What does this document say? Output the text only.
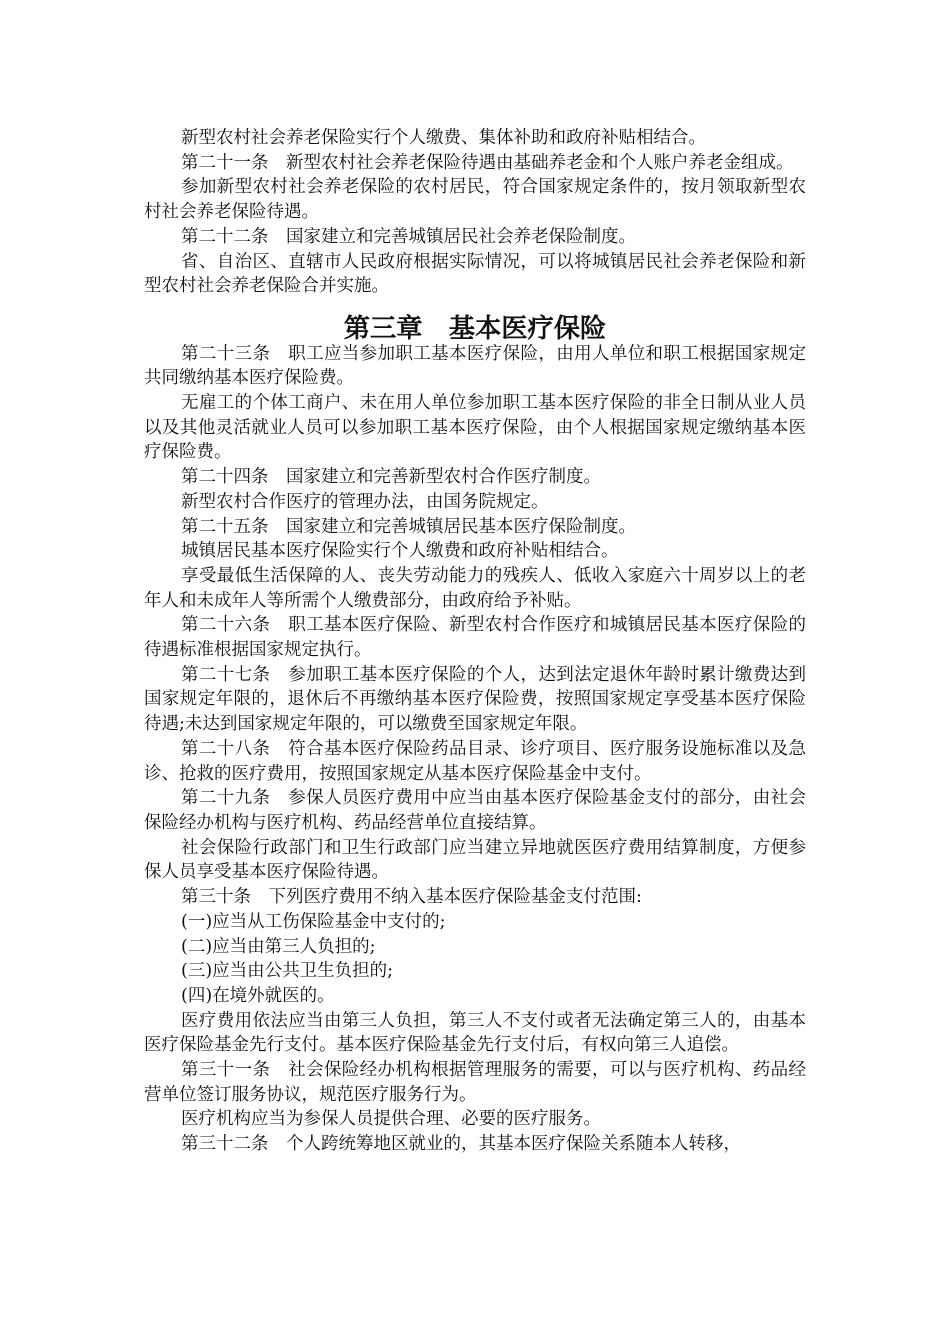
新型农村社会养老保险实行个人缴费、集体补助和政府补贴相结合。

第二十一条　新型农村社会养老保险待遇由基础养老金和个人账户养老金组成。

参加新型农村社会养老保险的农村居民，符合国家规定条件的，按月领取新型农村社会养老保险待遇。

第二十二条　国家建立和完善城镇居民社会养老保险制度。

省、自治区、直辖市人民政府根据实际情况，可以将城镇居民社会养老保险和新型农村社会养老保险合并实施。

第三章　基本医疗保险

第二十三条　职工应当参加职工基本医疗保险，由用人单位和职工根据国家规定共同缴纳基本医疗保险费。

无雇工的个体工商户、未在用人单位参加职工基本医疗保险的非全日制从业人员以及其他灵活就业人员可以参加职工基本医疗保险，由个人根据国家规定缴纳基本医疗保险费。

第二十四条　国家建立和完善新型农村合作医疗制度。

新型农村合作医疗的管理办法，由国务院规定。

第二十五条　国家建立和完善城镇居民基本医疗保险制度。

城镇居民基本医疗保险实行个人缴费和政府补贴相结合。

享受最低生活保障的人、丧失劳动能力的残疾人、低收入家庭六十周岁以上的老年人和未成年人等所需个人缴费部分，由政府给予补贴。

第二十六条　职工基本医疗保险、新型农村合作医疗和城镇居民基本医疗保险的待遇标准根据国家规定执行。

第二十七条　参加职工基本医疗保险的个人，达到法定退休年龄时累计缴费达到国家规定年限的，退休后不再缴纳基本医疗保险费，按照国家规定享受基本医疗保险待遇;未达到国家规定年限的，可以缴费至国家规定年限。

第二十八条　符合基本医疗保险药品目录、诊疗项目、医疗服务设施标准以及急诊、抢救的医疗费用，按照国家规定从基本医疗保险基金中支付。

第二十九条　参保人员医疗费用中应当由基本医疗保险基金支付的部分，由社会保险经办机构与医疗机构、药品经营单位直接结算。

社会保险行政部门和卫生行政部门应当建立异地就医医疗费用结算制度，方便参保人员享受基本医疗保险待遇。

第三十条　下列医疗费用不纳入基本医疗保险基金支付范围:

(一)应当从工伤保险基金中支付的;

(二)应当由第三人负担的;

(三)应当由公共卫生负担的;

(四)在境外就医的。

医疗费用依法应当由第三人负担，第三人不支付或者无法确定第三人的，由基本医疗保险基金先行支付。基本医疗保险基金先行支付后，有权向第三人追偿。

第三十一条　社会保险经办机构根据管理服务的需要，可以与医疗机构、药品经营单位签订服务协议，规范医疗服务行为。

医疗机构应当为参保人员提供合理、必要的医疗服务。

第三十二条　个人跨统筹地区就业的，其基本医疗保险关系随本人转移，
